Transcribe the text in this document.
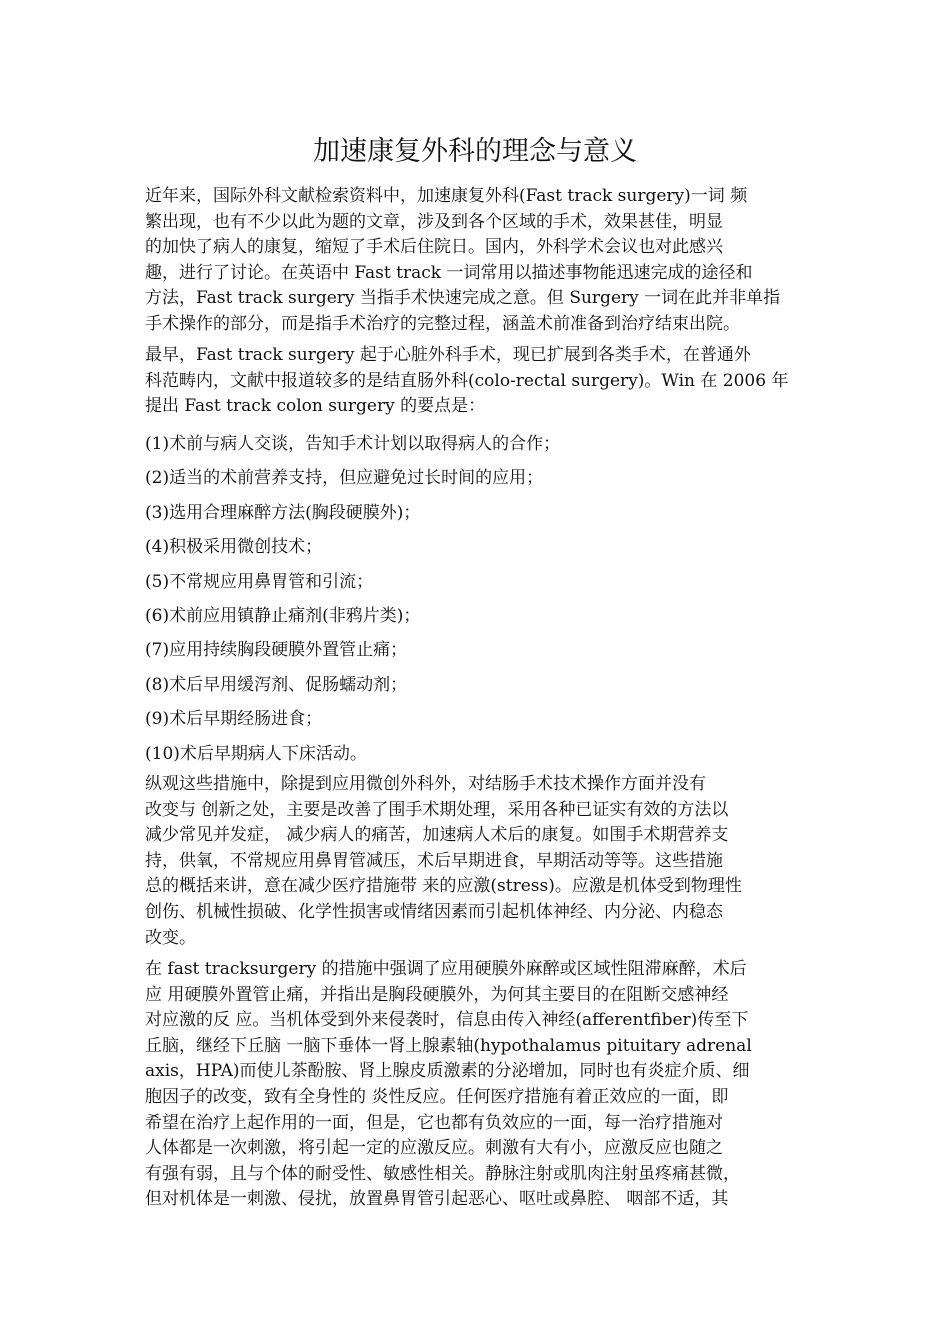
加速康复外科的理念与意义
近年来，国际外科文献检索资料中，加速康复外科(Fast track surgery)一词 频
繁出现，也有不少以此为题的文章，涉及到各个区域的手术，效果甚佳，明显
的加快了病人的康复，缩短了手术后住院日。国内，外科学术会议也对此感兴
趣，进行了讨论。在英语中 Fast track 一词常用以描述事物能迅速完成的途径和
方法，Fast track surgery 当指手术快速完成之意。但 Surgery 一词在此并非单指
手术操作的部分，而是指手术治疗的完整过程，涵盖术前准备到治疗结束出院。
最早，Fast track surgery 起于心脏外科手术，现已扩展到各类手术，在普通外
科范畴内，文献中报道较多的是结直肠外科(colo-rectal surgery)。Win 在 2006 年
提出 Fast track colon surgery 的要点是：
(1)术前与病人交谈，告知手术计划以取得病人的合作；
(2)适当的术前营养支持，但应避免过长时间的应用；
(3)选用合理麻醉方法(胸段硬膜外)；
(4)积极采用微创技术；
(5)不常规应用鼻胃管和引流；
(6)术前应用镇静止痛剂(非鸦片类)；
(7)应用持续胸段硬膜外置管止痛；
(8)术后早用缓泻剂、促肠蠕动剂；
(9)术后早期经肠进食；
(10)术后早期病人下床活动。
纵观这些措施中，除提到应用微创外科外，对结肠手术技术操作方面并没有
改变与 创新之处，主要是改善了围手术期处理，采用各种已证实有效的方法以
减少常见并发症， 减少病人的痛苦，加速病人术后的康复。如围手术期营养支
持，供氧，不常规应用鼻胃管减压，术后早期进食，早期活动等等。这些措施
总的概括来讲，意在减少医疗措施带 来的应激(stress)。应激是机体受到物理性
创伤、机械性损破、化学性损害或情绪因素而引起机体神经、内分泌、内稳态
改变。
在 fast tracksurgery 的措施中强调了应用硬膜外麻醉或区域性阻滞麻醉，术后
应 用硬膜外置管止痛，并指出是胸段硬膜外，为何其主要目的在阻断交感神经
对应激的反 应。当机体受到外来侵袭时，信息由传入神经(afferentfiber)传至下
丘脑，继经下丘脑 一脑下垂体一肾上腺素轴(hypothalamus pituitary adrenal
axis，HPA)而使儿茶酚胺、肾上腺皮质激素的分泌增加，同时也有炎症介质、细
胞因子的改变，致有全身性的 炎性反应。任何医疗措施有着正效应的一面，即
希望在治疗上起作用的一面，但是，它也都有负效应的一面，每一治疗措施对
人体都是一次刺激，将引起一定的应激反应。刺激有大有小，应激反应也随之
有强有弱，且与个体的耐受性、敏感性相关。静脉注射或肌肉注射虽疼痛甚微，
但对机体是一刺激、侵扰，放置鼻胃管引起恶心、呕吐或鼻腔、 咽部不适，其
